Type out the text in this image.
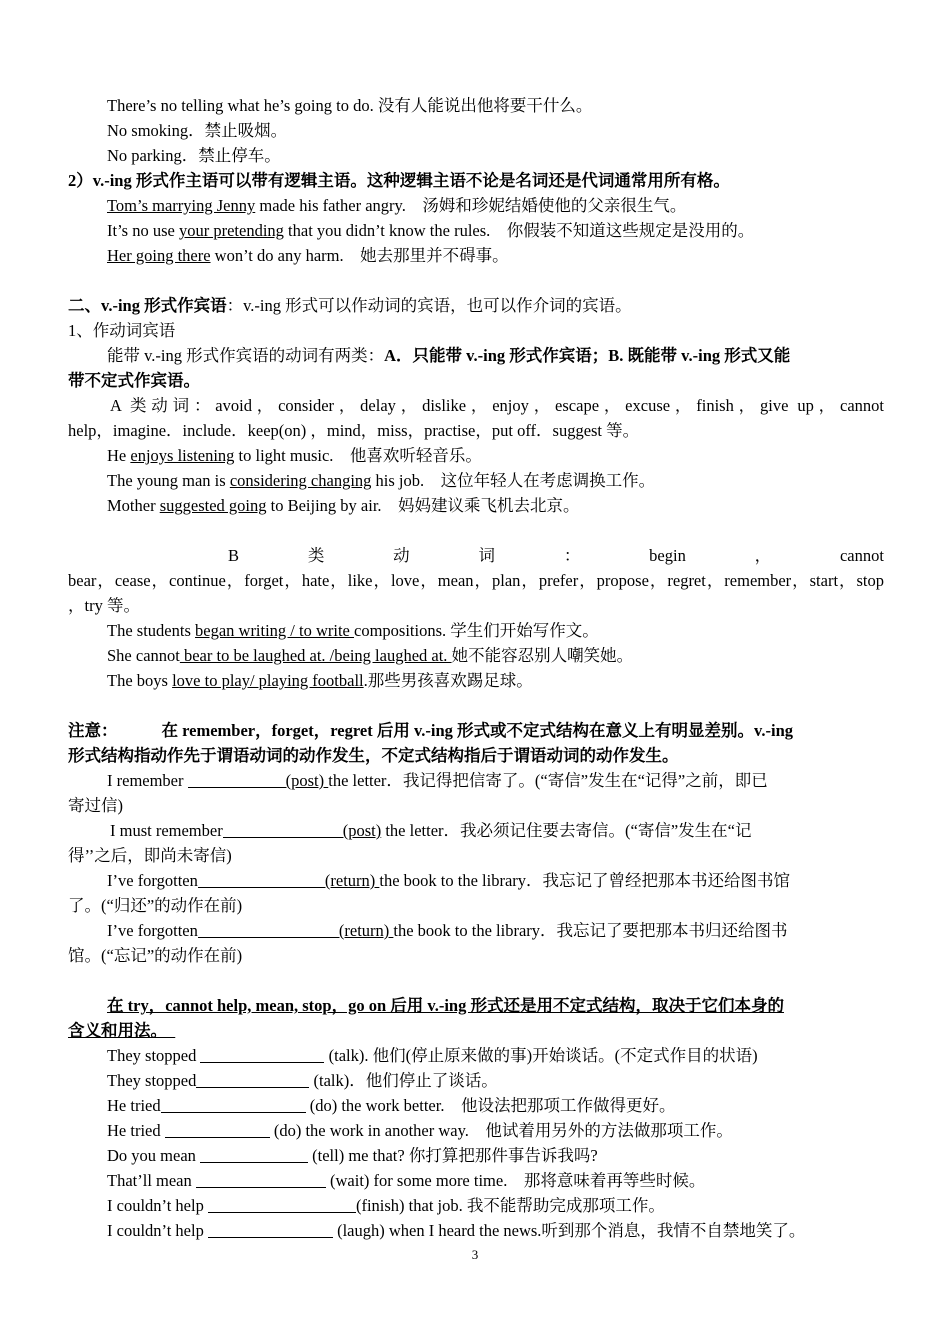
There’s no telling what he’s going to do. 没有人能说出他将要干什么。
No smoking．禁止吸烟。
No parking．禁止停车。
2）v.-ing 形式作主语可以带有逻辑主语。这种逻辑主语不论是名词还是代词通常用所有格。
Tom’s marrying Jenny made his father angry.　汤姆和珍妮结婚使他的父亲很生气。
It’s no use your pretending that you didn’t know the rules.　你假装不知道这些规定是没用的。
Her going there won’t do any harm.　她去那里并不碍事。
二、v.-ing 形式作宾语：v.-ing 形式可以作动词的宾语，也可以作介词的宾语。
1、作动词宾语
能带 v.-ing 形式作宾语的动词有两类：A．只能带 v.-ing 形式作宾语；B. 既能带 v.-ing 形式又能
带不定式作宾语。
A 类动词：avoid，consider，delay，dislike，enjoy，escape，excuse，finish，give up，cannot
help，imagine．include．keep(on) ，mind，miss，practise，put off．suggest 等。
He enjoys listening to light music.　他喜欢听轻音乐。
The young man is considering changing his job.　这位年轻人在考虑调换工作。
Mother suggested going to Beijing by air.　妈妈建议乘飞机去北京。
B	类	动	词	：	begin	，	cannot
bear，cease，continue，forget，hate，like，love，mean，plan，prefer，propose，regret，remember，start，stop
，try 等。
The students began writing / to write compositions. 学生们开始写作文。
She cannot bear to be laughed at. /being laughed at. 她不能容忍别人嘲笑她。
The boys love to play/ playing football.那些男孩喜欢踢足球。
注意：	在 remember，forget，regret 后用 v.-ing 形式或不定式结构在意义上有明显差别。v.-ing
形式结构指动作先于谓语动词的动作发生，不定式结构指后于谓语动词的动作发生。
I remember	(post) the letter．我记得把信寄了。(“寄信”发生在“记得”之前，即已
寄过信)
I must remember	(post) the letter．我必须记住要去寄信。(“寄信”发生在“记
得’’之后，即尚未寄信)
I’ve forgotten	(return) the book to the library．我忘记了曾经把那本书还给图书馆
了。(“归还”的动作在前)
I’ve forgotten	(return) the book to the library．我忘记了要把那本书归还给图书
馆。(“忘记”的动作在前)
在 try，cannot help, mean, stop，go on 后用 v.-ing 形式还是用不定式结构，取决于它们本身的
含义和用法。
They stopped	(talk). 他们(停止原来做的事)开始谈话。(不定式作目的状语)
They stopped	(talk)．他们停止了谈话。
He tried	(do) the work better.　他设法把那项工作做得更好。
He tried	(do) the work in another way.　他试着用另外的方法做那项工作。
Do you mean	(tell) me that? 你打算把那件事告诉我吗?
That’ll mean	(wait) for some more time.　那将意味着再等些时候。
I couldn’t help	(finish) that job. 我不能帮助完成那项工作。
I couldn’t help	(laugh) when I heard the news.听到那个消息，我情不自禁地笑了。
3
